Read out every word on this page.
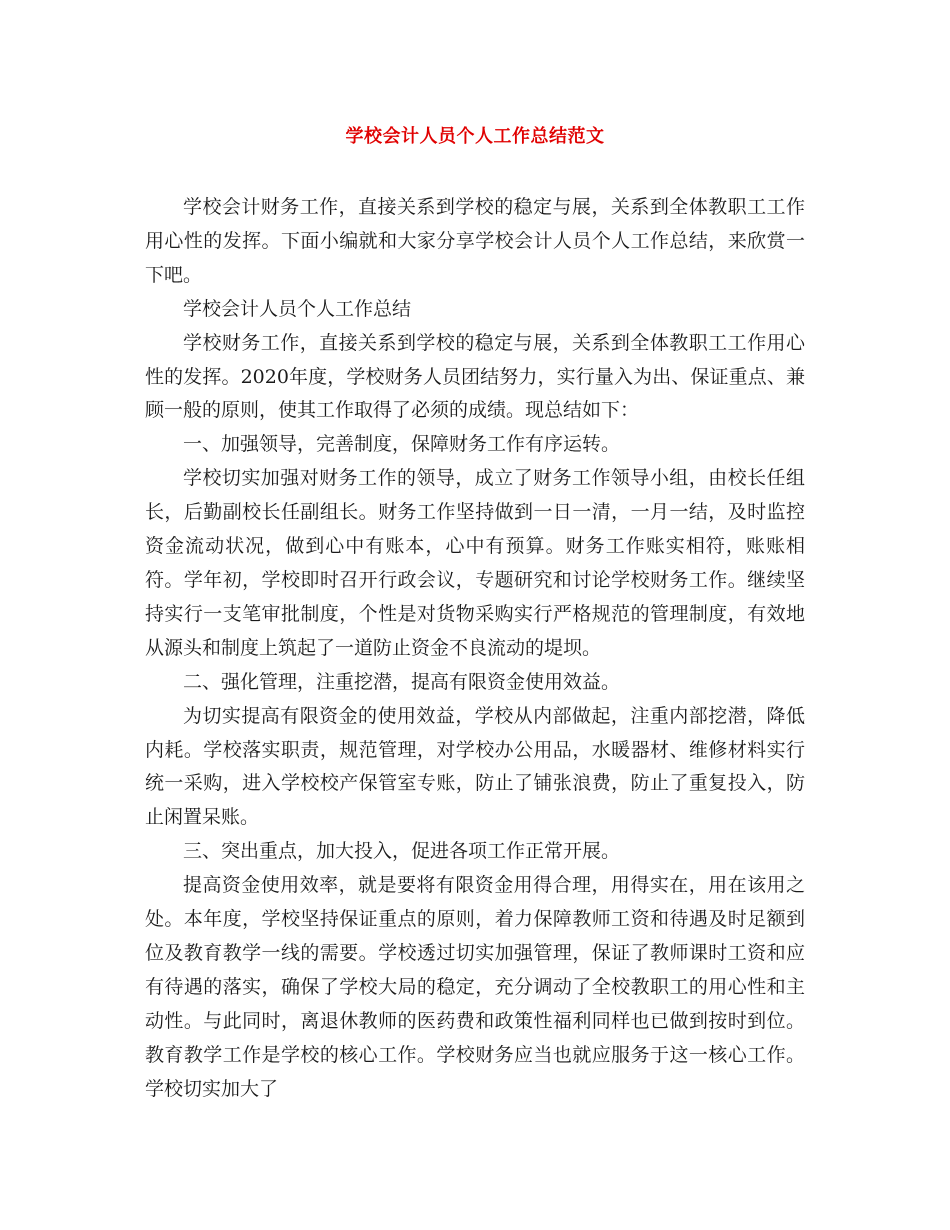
学校会计人员个人工作总结范文

学校会计财务工作，直接关系到学校的稳定与展，关系到全体教职工工作用心性的发挥。下面小编就和大家分享学校会计人员个人工作总结，来欣赏一下吧。

学校会计人员个人工作总结

学校财务工作，直接关系到学校的稳定与展，关系到全体教职工工作用心性的发挥。2020年度，学校财务人员团结努力，实行量入为出、保证重点、兼顾一般的原则，使其工作取得了必须的成绩。现总结如下：

一、加强领导，完善制度，保障财务工作有序运转。

学校切实加强对财务工作的领导，成立了财务工作领导小组，由校长任组长，后勤副校长任副组长。财务工作坚持做到一日一清，一月一结，及时监控资金流动状况，做到心中有账本，心中有预算。财务工作账实相符，账账相符。学年初，学校即时召开行政会议，专题研究和讨论学校财务工作。继续坚持实行一支笔审批制度，个性是对货物采购实行严格规范的管理制度，有效地从源头和制度上筑起了一道防止资金不良流动的堤坝。

二、强化管理，注重挖潜，提高有限资金使用效益。

为切实提高有限资金的使用效益，学校从内部做起，注重内部挖潜，降低内耗。学校落实职责，规范管理，对学校办公用品，水暖器材、维修材料实行统一采购，进入学校校产保管室专账，防止了铺张浪费，防止了重复投入，防止闲置呆账。

三、突出重点，加大投入，促进各项工作正常开展。

提高资金使用效率，就是要将有限资金用得合理，用得实在，用在该用之处。本年度，学校坚持保证重点的原则，着力保障教师工资和待遇及时足额到位及教育教学一线的需要。学校透过切实加强管理，保证了教师课时工资和应有待遇的落实，确保了学校大局的稳定，充分调动了全校教职工的用心性和主动性。与此同时，离退休教师的医药费和政策性福利同样也已做到按时到位。教育教学工作是学校的核心工作。学校财务应当也就应服务于这一核心工作。学校切实加大了
